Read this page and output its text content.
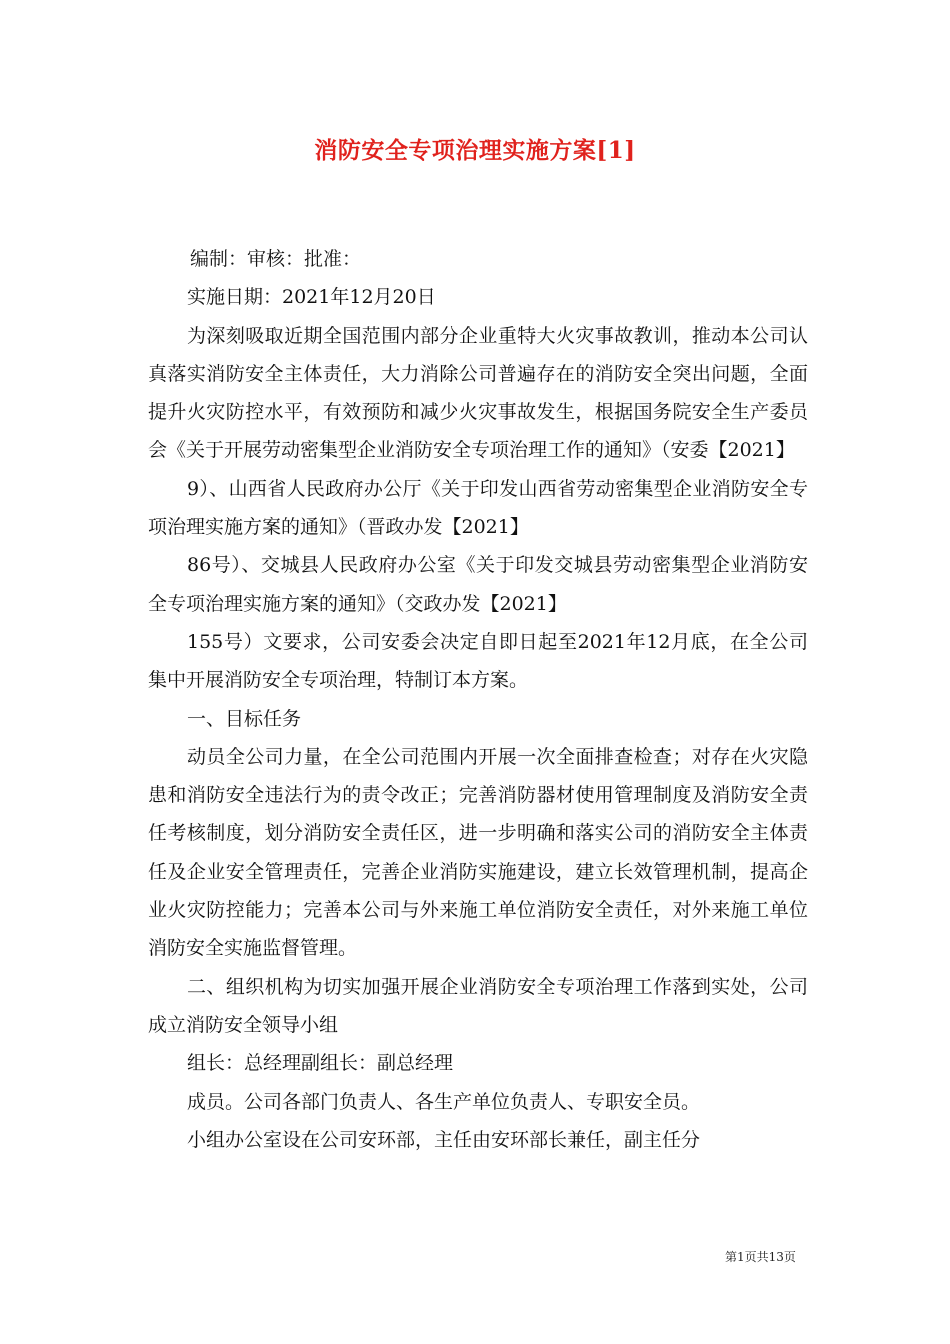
消防安全专项治理实施方案[1]

编制：审核：批准：

实施日期：2021年12月20日

为深刻吸取近期全国范围内部分企业重特大火灾事故教训，推动本公司认真落实消防安全主体责任，大力消除公司普遍存在的消防安全突出问题，全面提升火灾防控水平，有效预防和减少火灾事故发生，根据国务院安全生产委员会《关于开展劳动密集型企业消防安全专项治理工作的通知》（安委【2021】

9）、山西省人民政府办公厅《关于印发山西省劳动密集型企业消防安全专项治理实施方案的通知》（晋政办发【2021】

86号）、交城县人民政府办公室《关于印发交城县劳动密集型企业消防安全专项治理实施方案的通知》（交政办发【2021】

155号）文要求，公司安委会决定自即日起至2021年12月底，在全公司集中开展消防安全专项治理，特制订本方案。

一、目标任务

动员全公司力量，在全公司范围内开展一次全面排查检查；对存在火灾隐患和消防安全违法行为的责令改正；完善消防器材使用管理制度及消防安全责任考核制度，划分消防安全责任区，进一步明确和落实公司的消防安全主体责任及企业安全管理责任，完善企业消防实施建设，建立长效管理机制，提高企业火灾防控能力；完善本公司与外来施工单位消防安全责任，对外来施工单位消防安全实施监督管理。

二、组织机构为切实加强开展企业消防安全专项治理工作落到实处，公司成立消防安全领导小组

组长：总经理副组长：副总经理

成员。公司各部门负责人、各生产单位负责人、专职安全员。

小组办公室设在公司安环部，主任由安环部长兼任，副主任分

第1页共13页
